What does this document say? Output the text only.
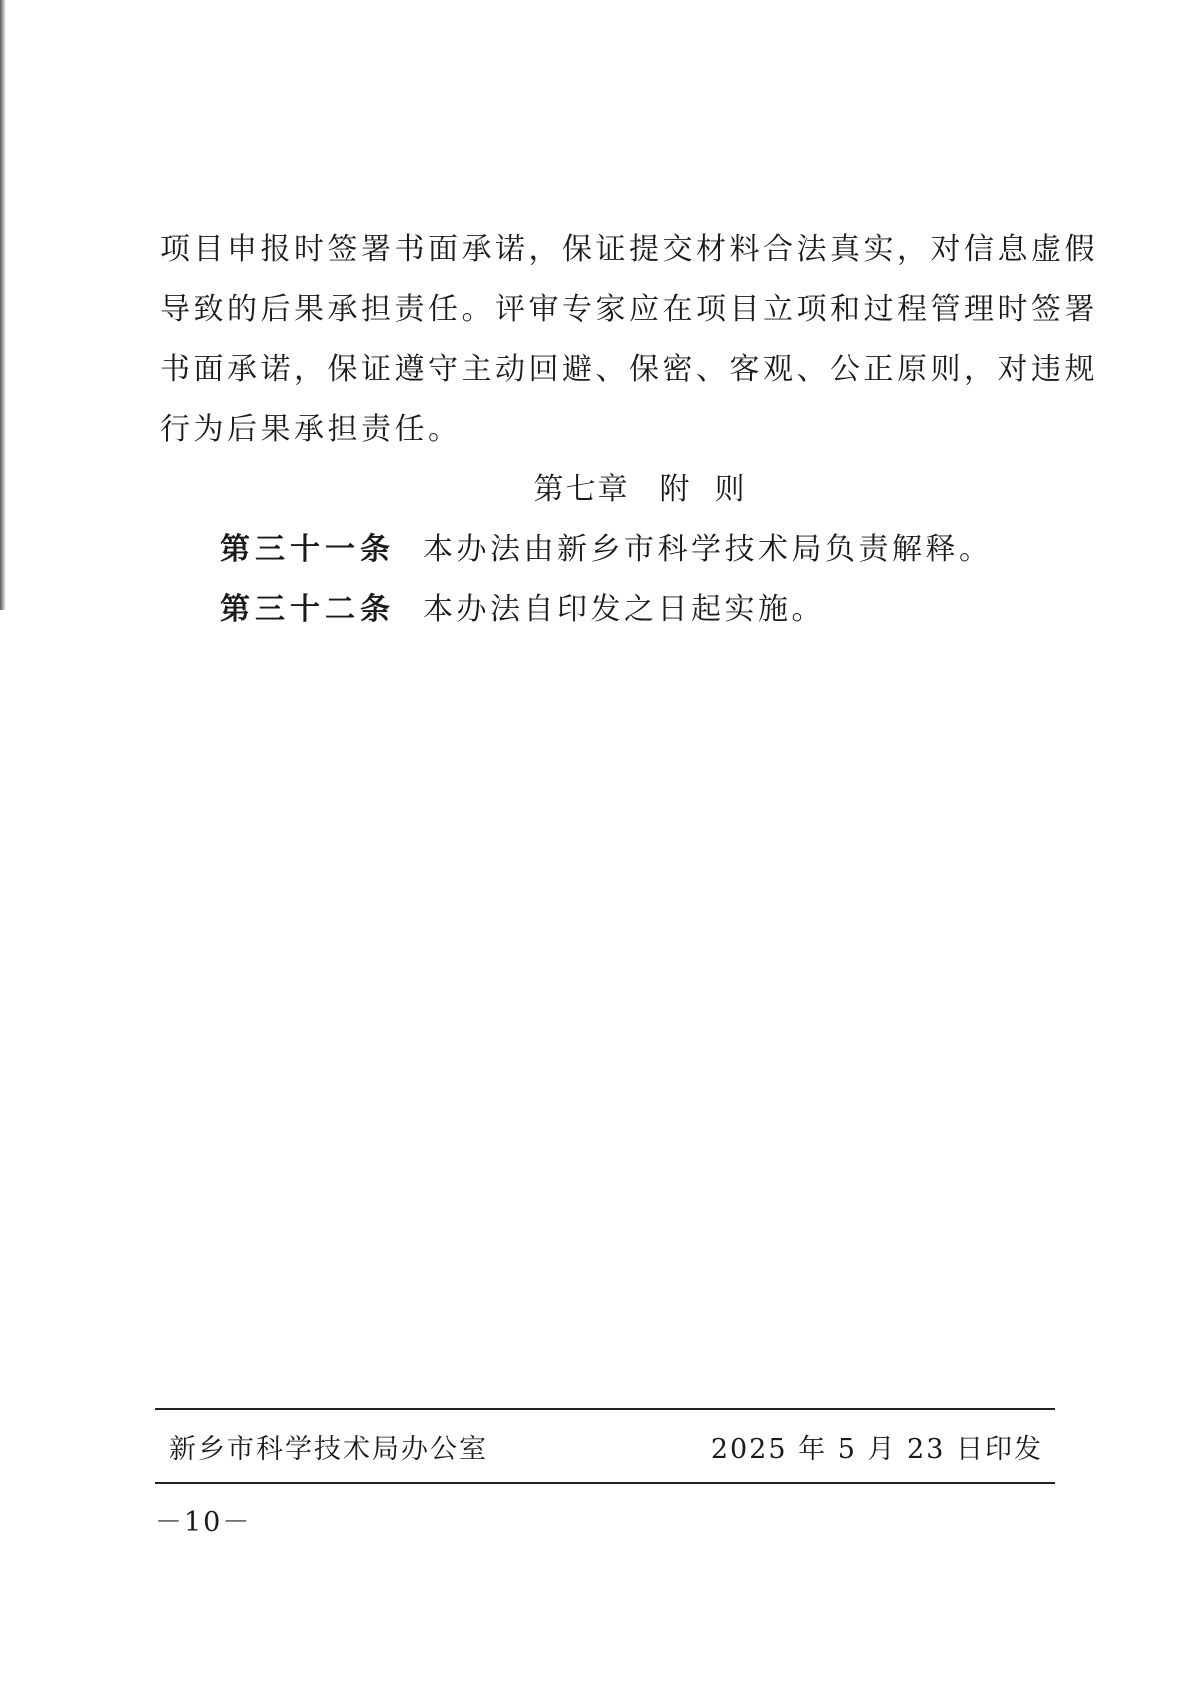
项目申报时签署书面承诺，保证提交材料合法真实，对信息虚假
导致的后果承担责任。评审专家应在项目立项和过程管理时签署
书面承诺，保证遵守主动回避、保密、客观、公正原则，对违规
行为后果承担责任。
第七章 附  则
第三十一条 本办法由新乡市科学技术局负责解释。
第三十二条 本办法自印发之日起实施。
新乡市科学技术局办公室	2025 年 5 月 23 日印发
－10－
